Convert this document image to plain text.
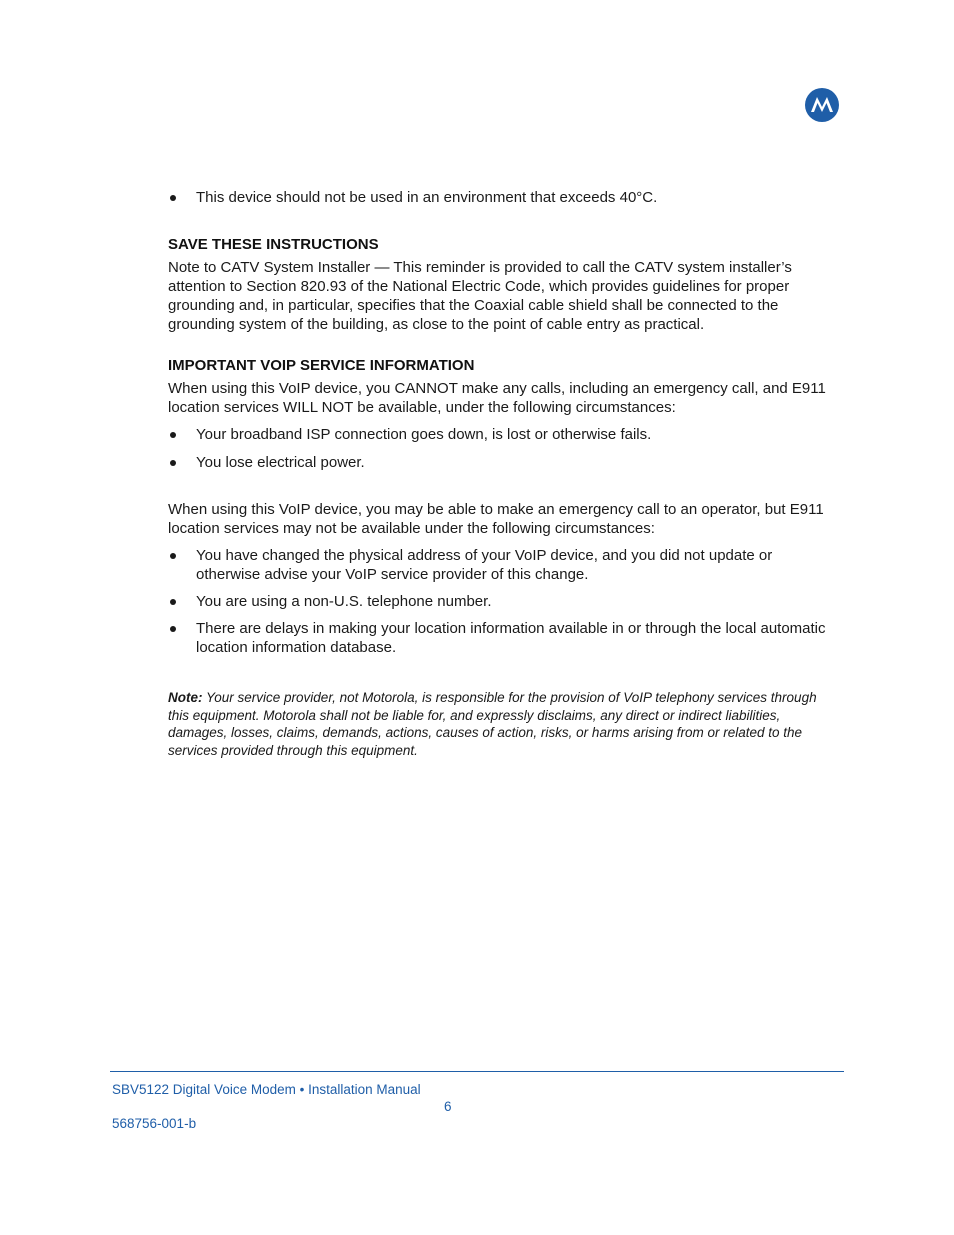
This device should not be used in an environment that exceeds 40°C.

SAVE THESE INSTRUCTIONS

Note to CATV System Installer — This reminder is provided to call the CATV system installer’s attention to Section 820.93 of the National Electric Code, which provides guidelines for proper grounding and, in particular, specifies that the Coaxial cable shield shall be connected to the grounding system of the building, as close to the point of cable entry as practical.

IMPORTANT VOIP SERVICE INFORMATION

When using this VoIP device, you CANNOT make any calls, including an emergency call, and E911 location services WILL NOT be available, under the following circumstances:

Your broadband ISP connection goes down, is lost or otherwise fails.

You lose electrical power.

When using this VoIP device, you may be able to make an emergency call to an operator, but E911 location services may not be available under the following circumstances:

You have changed the physical address of your VoIP device, and you did not update or otherwise advise your VoIP service provider of this change.

You are using a non-U.S. telephone number.

There are delays in making your location information available in or through the local automatic location information database.

Note: Your service provider, not Motorola, is responsible for the provision of VoIP telephony services through this equipment. Motorola shall not be liable for, and expressly disclaims, any direct or indirect liabilities, damages, losses, claims, demands, actions, causes of action, risks, or harms arising from or related to the services provided through this equipment.

SBV5122 Digital Voice Modem • Installation Manual
6
568756-001-b
